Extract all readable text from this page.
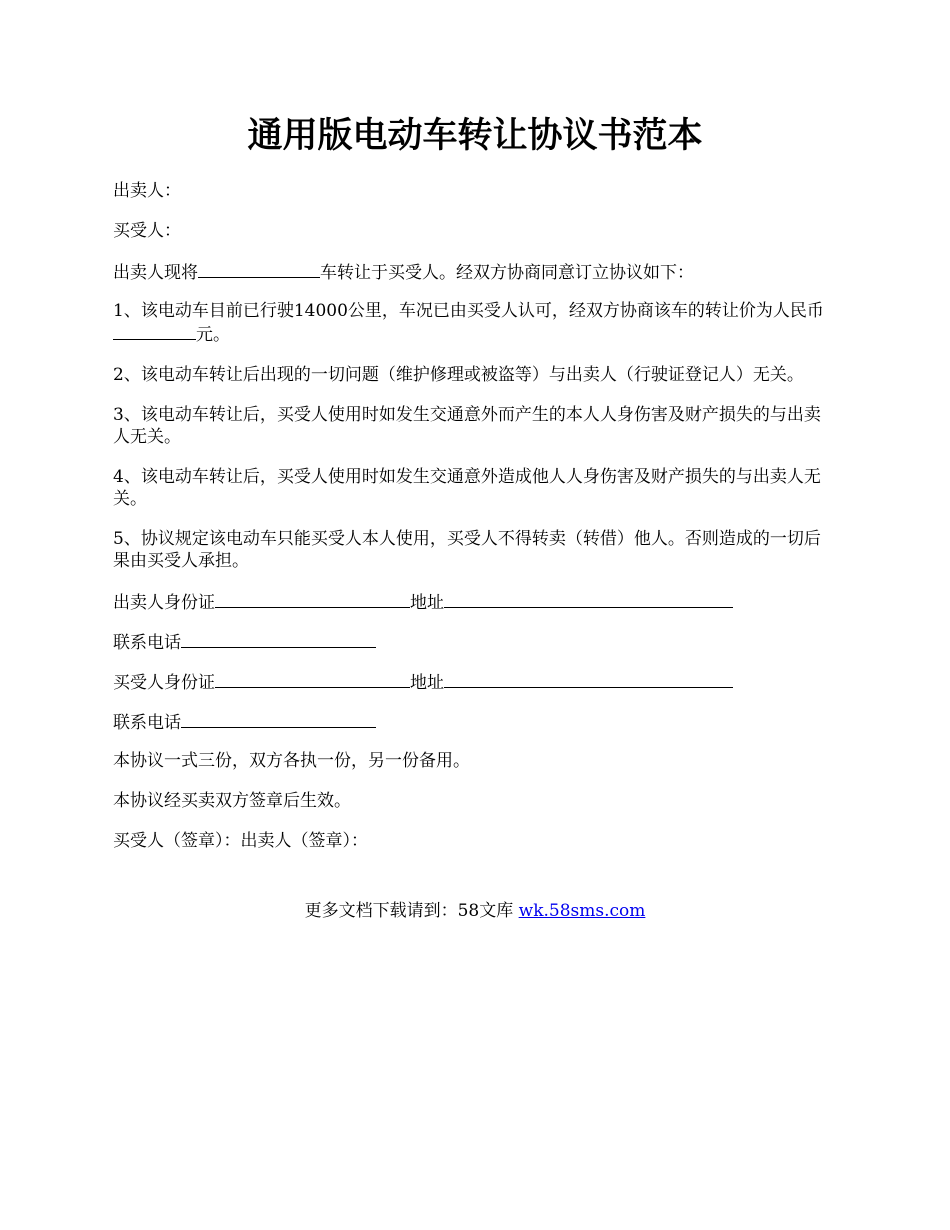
通用版电动车转让协议书范本

出卖人：

买受人：

出卖人现将	车转让于买受人。经双方协商同意订立协议如下：

1、该电动车目前已行驶14000公里，车况已由买受人认可，经双方协商该车的转让价为人民币元。

2、该电动车转让后出现的一切问题（维护修理或被盗等）与出卖人（行驶证登记人）无关。

3、该电动车转让后，买受人使用时如发生交通意外而产生的本人人身伤害及财产损失的与出卖人无关。

4、该电动车转让后，买受人使用时如发生交通意外造成他人人身伤害及财产损失的与出卖人无关。

5、协议规定该电动车只能买受人本人使用，买受人不得转卖（转借）他人。否则造成的一切后果由买受人承担。

出卖人身份证	地址

联系电话

买受人身份证	地址

联系电话

本协议一式三份，双方各执一份，另一份备用。

本协议经买卖双方签章后生效。

买受人（签章）：出卖人（签章）：

更多文档下载请到：58文库 wk.58sms.com
